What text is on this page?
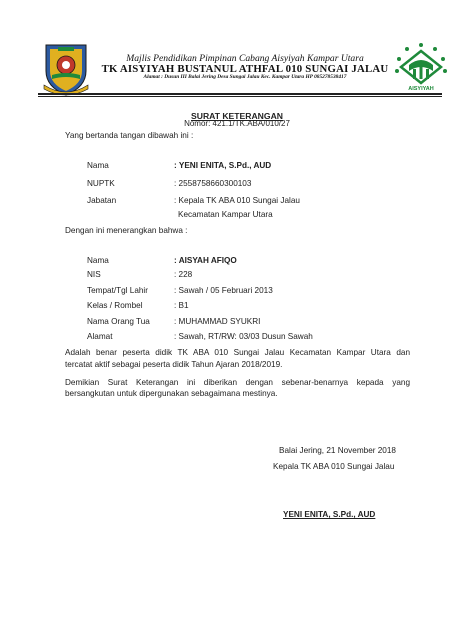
AISYIYAH
Majlis Pendidikan Pimpinan Cabang Aisyiyah Kampar Utara
TK AISYIYAH BUSTANUL ATHFAL 010 SUNGAI JALAU
Alamat : Dusun III Balai Jering Desa Sungai Jalau Kec. Kampar Utara HP 085278538417
SURAT KETERANGAN
Nomor: 421.1/TK.ABA/010/27
Yang bertanda tangan dibawah ini :
Nama	: YENI ENITA, S.Pd., AUD
NUPTK	: 2558758660300103
Jabatan	: Kepala TK ABA 010 Sungai Jalau
Kecamatan Kampar Utara
Dengan ini menerangkan bahwa :
Nama	: AISYAH AFIQO
NIS	: 228
Tempat/Tgl Lahir	: Sawah / 05 Februari 2013
Kelas / Rombel	: B1
Nama Orang Tua	: MUHAMMAD SYUKRI
Alamat	: Sawah, RT/RW: 03/03 Dusun Sawah
Adalah benar peserta didik TK ABA 010 Sungai Jalau Kecamatan Kampar Utara dan
tercatat aktif sebagai peserta didik Tahun Ajaran 2018/2019.
Demikian Surat Keterangan ini diberikan dengan sebenar-benarnya kepada yang
bersangkutan untuk dipergunakan sebagaimana mestinya.
Balai Jering, 21 November 2018
Kepala TK ABA 010 Sungai Jalau
YENI ENITA, S.Pd., AUD
